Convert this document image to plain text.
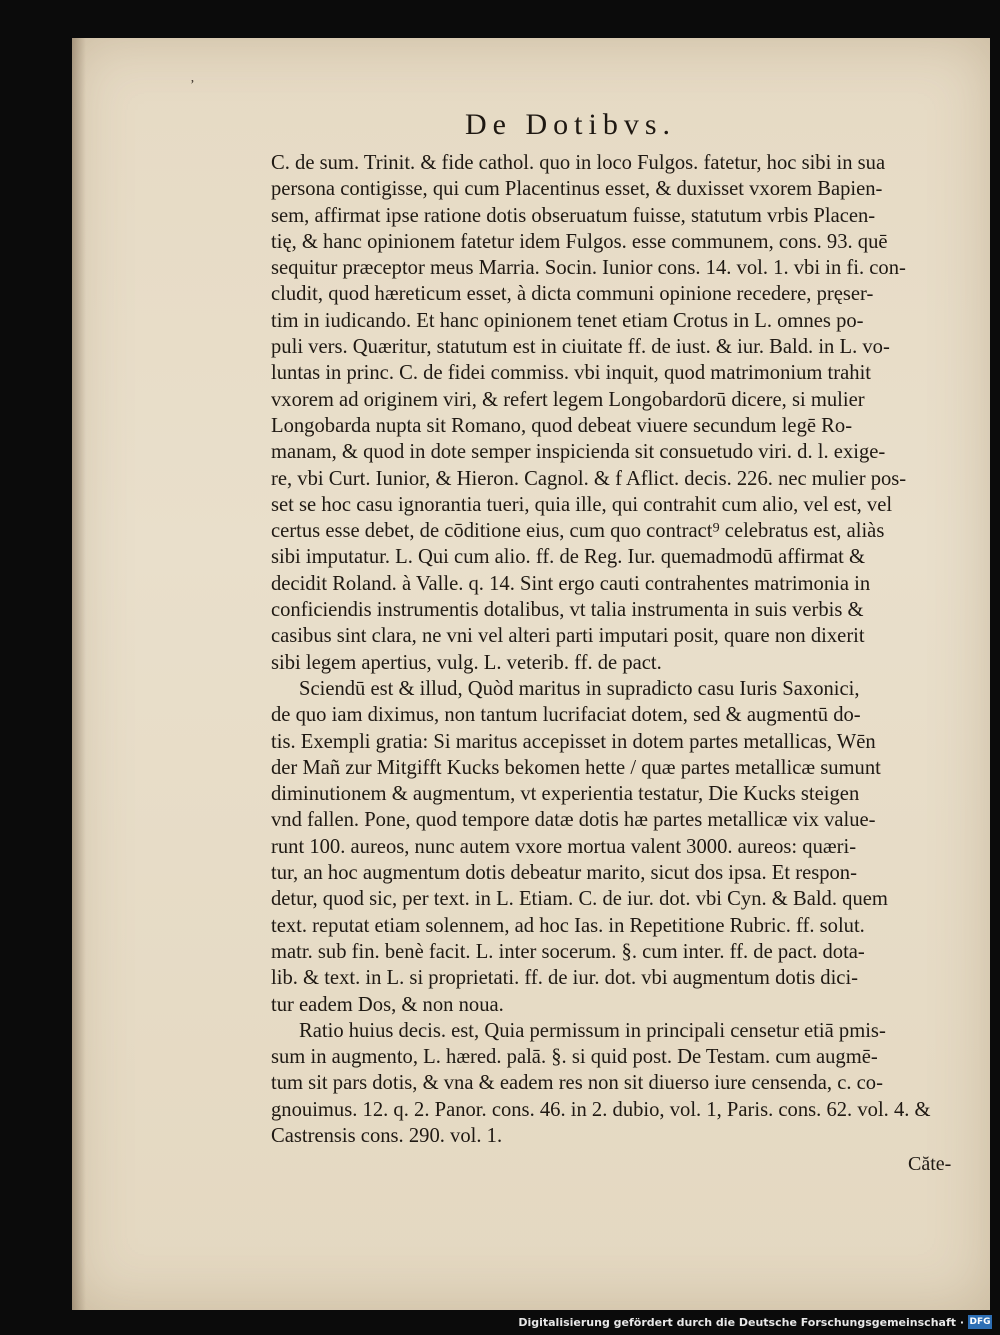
ʼ
De Dotibvs.
C. de sum. Trinit. & fide cathol. quo in loco Fulgos. fatetur, hoc sibi in sua
persona contigisse, qui cum Placentinus esset, & duxisset vxorem Bapien-
sem, affirmat ipse ratione dotis obseruatum fuisse, statutum vrbis Placen-
tię, & hanc opinionem fatetur idem Fulgos. esse communem, cons. 93. quē
sequitur præceptor meus Marria. Socin. Iunior cons. 14. vol. 1. vbi in fi. con-
cludit, quod hæreticum esset, à dicta communi opinione recedere, pręser-
tim in iudicando. Et hanc opinionem tenet etiam Crotus in L. omnes po-
puli vers. Quæritur, statutum est in ciuitate ff. de iust. & iur. Bald. in L. vo-
luntas in princ. C. de fidei commiss. vbi inquit, quod matrimonium trahit
vxorem ad originem viri, & refert legem Longobardorū dicere, si mulier
Longobarda nupta sit Romano, quod debeat viuere secundum legē Ro-
manam, & quod in dote semper inspicienda sit consuetudo viri. d. l. exige-
re, vbi Curt. Iunior, & Hieron. Cagnol. & f Aflict. decis. 226. nec mulier pos-
set se hoc casu ignorantia tueri, quia ille, qui contrahit cum alio, vel est, vel
certus esse debet, de cōditione eius, cum quo contract⁹ celebratus est, aliàs
sibi imputatur. L. Qui cum alio. ff. de Reg. Iur. quemadmodū affirmat &
decidit Roland. à Valle. q. 14. Sint ergo cauti contrahentes matrimonia in
conficiendis instrumentis dotalibus, vt talia instrumenta in suis verbis &
casibus sint clara, ne vni vel alteri parti imputari posit, quare non dixerit
sibi legem apertius, vulg. L. veterib. ff. de pact.
Sciendū est & illud, Quòd maritus in supradicto casu Iuris Saxonici,
de quo iam diximus, non tantum lucrifaciat dotem, sed & augmentū do-
tis. Exempli gratia: Si maritus accepisset in dotem partes metallicas, Wēn
der Mañ zur Mitgifft Kucks bekomen hette / quæ partes metallicæ sumunt
diminutionem & augmentum, vt experientia testatur, Die Kucks steigen
vnd fallen. Pone, quod tempore datæ dotis hæ partes metallicæ vix value-
runt 100. aureos, nunc autem vxore mortua valent 3000. aureos: quæri-
tur, an hoc augmentum dotis debeatur marito, sicut dos ipsa. Et respon-
detur, quod sic, per text. in L. Etiam. C. de iur. dot. vbi Cyn. & Bald. quem
text. reputat etiam solennem, ad hoc Ias. in Repetitione Rubric. ff. solut.
matr. sub fin. benè facit. L. inter socerum. §. cum inter. ff. de pact. dota-
lib. & text. in L. si proprietati. ff. de iur. dot. vbi augmentum dotis dici-
tur eadem Dos, & non noua.
Ratio huius decis. est, Quia permissum in principali censetur etiā pmis-
sum in augmento, L. hæred. palā. §. si quid post. De Testam. cum augmē-
tum sit pars dotis, & vna & eadem res non sit diuerso iure censenda, c. co-
gnouimus. 12. q. 2. Panor. cons. 46. in 2. dubio, vol. 1, Paris. cons. 62. vol. 4. &
Castrensis cons. 290. vol. 1.
Căte-
Digitalisierung gefördert durch die Deutsche Forschungsgemeinschaft · DFG
